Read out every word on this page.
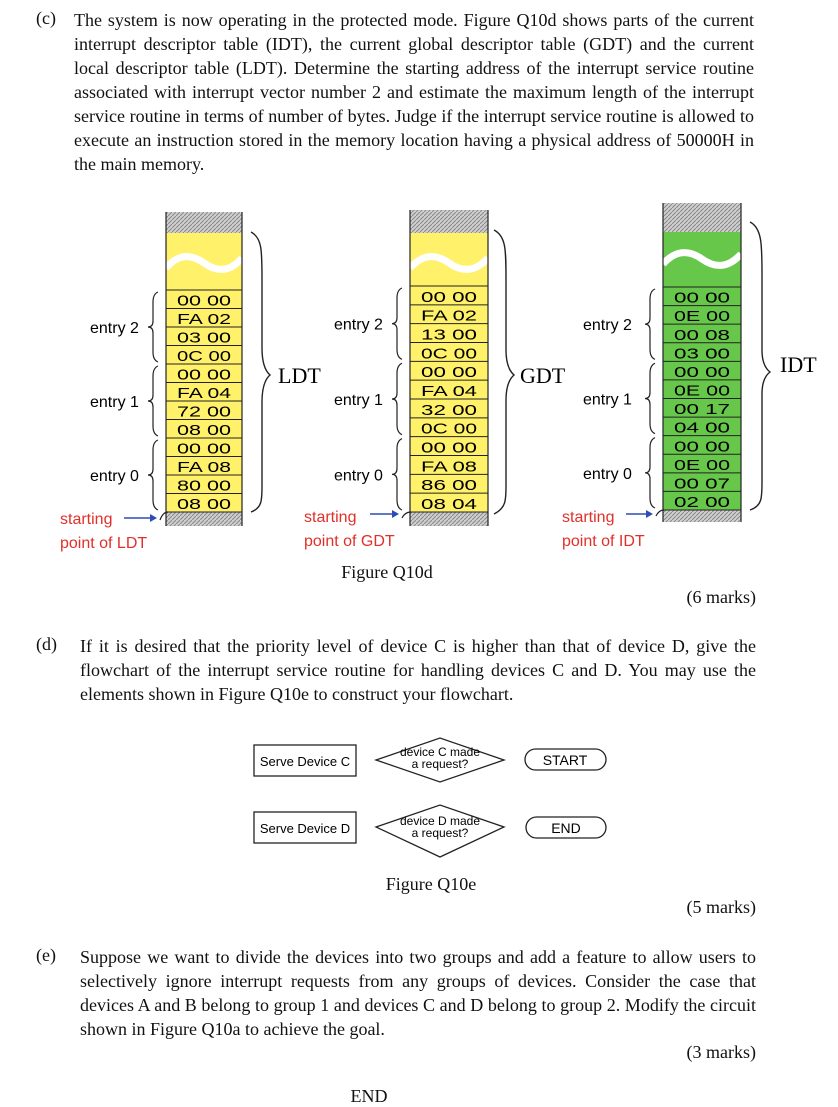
(c) The system is now operating in the protected mode. Figure Q10d shows parts of the current interrupt descriptor table (IDT), the current global descriptor table (GDT) and the current local descriptor table (LDT). Determine the starting address of the interrupt service routine associated with interrupt vector number 2 and estimate the maximum length of the interrupt service routine in terms of number of bytes. Judge if the interrupt service routine is allowed to execute an instruction stored in the memory location having a physical address of 50000H in the main memory.

00 00
FA 02
03 00
0C 00
00 00
FA 04
72 00
08 00
00 00
FA 08
80 00
08 00
LDT
00 00
FA 02
13 00
0C 00
00 00
FA 04
32 00
0C 00
00 00
FA 08
86 00
08 04
GDT
00 00
0E 00
00 08
03 00
00 00
0E 00
00 17
04 00
00 00
0E 00
00 07
02 00
IDT
entry 2
entry 1
entry 0
entry 2
entry 1
entry 0
entry 2
entry 1
entry 0
starting
point of LDT
starting
point of GDT
starting
point of IDT
Serve Device C
device C made
a request?	START
Serve Device D	device D made
a request?	END
Figure Q10d
(6 marks)
(d) If it is desired that the priority level of device C is higher than that of device D, give the flowchart of the interrupt service routine for handling devices C and D. You may use the elements shown in Figure Q10e to construct your flowchart.

Figure Q10e
(5 marks)
(e) Suppose we want to divide the devices into two groups and add a feature to allow users to selectively ignore interrupt requests from any groups of devices. Consider the case that devices A and B belong to group 1 and devices C and D belong to group 2. Modify the circuit shown in Figure Q10a to achieve the goal.

(3 marks)
END
